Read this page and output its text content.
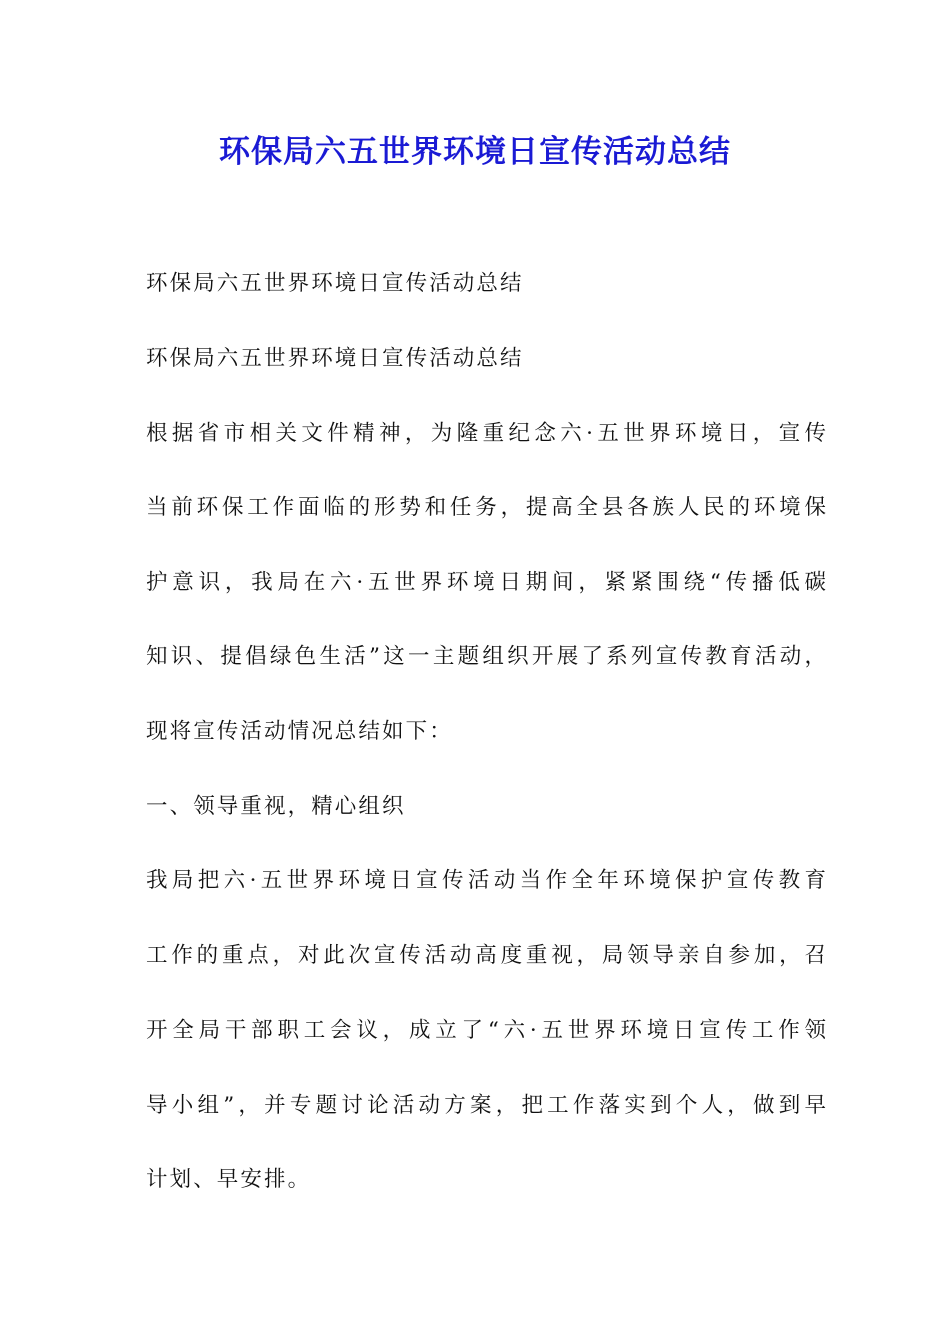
环保局六五世界环境日宣传活动总结

环保局六五世界环境日宣传活动总结

环保局六五世界环境日宣传活动总结

根据省市相关文件精神，为隆重纪念六·五世界环境日，宣传

当前环保工作面临的形势和任务，提高全县各族人民的环境保

护意识，我局在六·五世界环境日期间，紧紧围绕“传播低碳

知识、提倡绿色生活”这一主题组织开展了系列宣传教育活动，

现将宣传活动情况总结如下：

一、领导重视，精心组织

我局把六·五世界环境日宣传活动当作全年环境保护宣传教育

工作的重点，对此次宣传活动高度重视，局领导亲自参加，召

开全局干部职工会议，成立了“六·五世界环境日宣传工作领

导小组”，并专题讨论活动方案，把工作落实到个人，做到早

计划、早安排。
